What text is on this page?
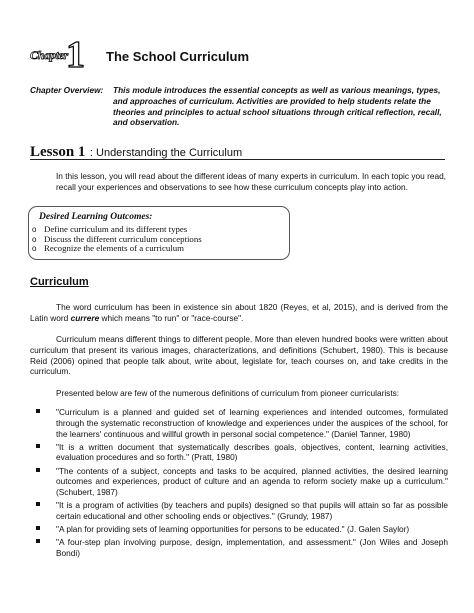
Chapter
1 The School Curriculum
Chapter Overview: This module introduces the essential concepts as well as various meanings, types, and approaches of curriculum. Activities are provided to help students relate the theories and principles to actual school situations through critical reflection, recall, and observation.

Lesson 1 : Understanding the Curriculum

In this lesson, you will read about the different ideas of many experts in curriculum. In each topic you read, recall your experiences and observations to see how these curriculum concepts play into action.

Desired Learning Outcomes:
o Define curriculum and its different types
o Discuss the different curriculum conceptions
o Recognize the elements of a curriculum
Curriculum

The word curriculum has been in existence sin about 1820 (Reyes, et al, 2015), and is derived from the Latin word currere which means "to run" or "race-course".

Curriculum means different things to different people. More than eleven hundred books were written about curriculum that present its various images, characterizations, and definitions (Schubert, 1980). This is because Reid (2006) opined that people talk about, write about, legislate for, teach courses on, and take credits in the curriculum.

Presented below are few of the numerous definitions of curriculum from pioneer curricularists:

"Curriculum is a planned and guided set of learning experiences and intended outcomes, formulated through the systematic reconstruction of knowledge and experiences under the auspices of the school, for the learners' continuous and willful growth in personal social competence." (Daniel Tanner, 1980)
"It is a written document that systematically describes goals, objectives, content, learning activities, evaluation procedures and so forth." (Pratt, 1980)
"The contents of a subject, concepts and tasks to be acquired, planned activities, the desired learning outcomes and experiences, product of culture and an agenda to reform society make up a curriculum." (Schubert, 1987)
"It is a program of activities (by teachers and pupils) designed so that pupils will attain so far as possible certain educational and other schooling ends or objectives." (Grundy, 1987)
"A plan for providing sets of learning opportunities for persons to be educated." (J. Galen Saylor)
"A four-step plan involving purpose, design, implementation, and assessment." (Jon Wiles and Joseph Bondi)
